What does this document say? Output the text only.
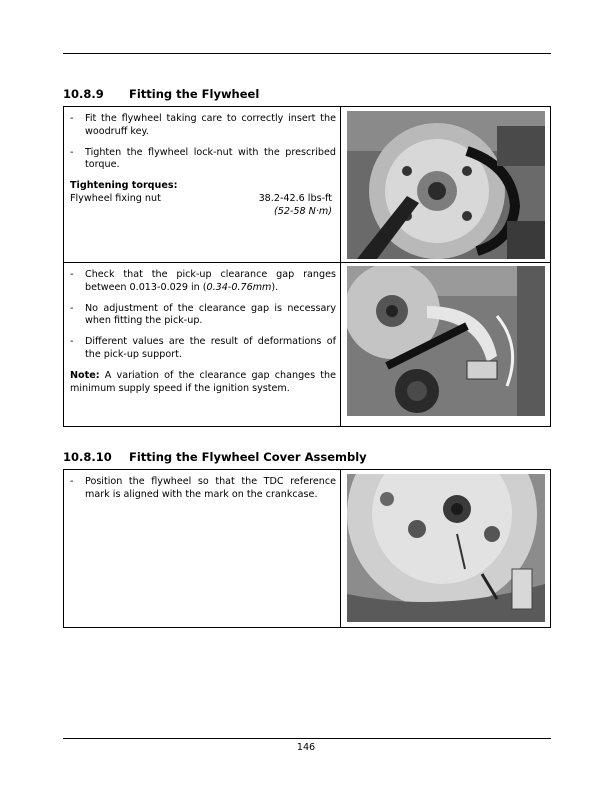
10.8.9 Fitting the Flywheel
- Fit the flywheel taking care to correctly insert the woodruff key.
- Tighten the flywheel lock-nut with the prescribed torque.
Tightening torques:
Flywheel fixing nut	38.2-42.6 lbs-ft
(52-58 N·m)
- Check that the pick-up clearance gap ranges between 0.013-0.029 in (0.34-0.76mm).
- No adjustment of the clearance gap is necessary when fitting the pick-up.
- Different values are the result of deformations of the pick-up support.
Note: A variation of the clearance gap changes the minimum supply speed if the ignition system.
10.8.10 Fitting the Flywheel Cover Assembly
- Position the flywheel so that the TDC reference mark is aligned with the mark on the crankcase.
146
